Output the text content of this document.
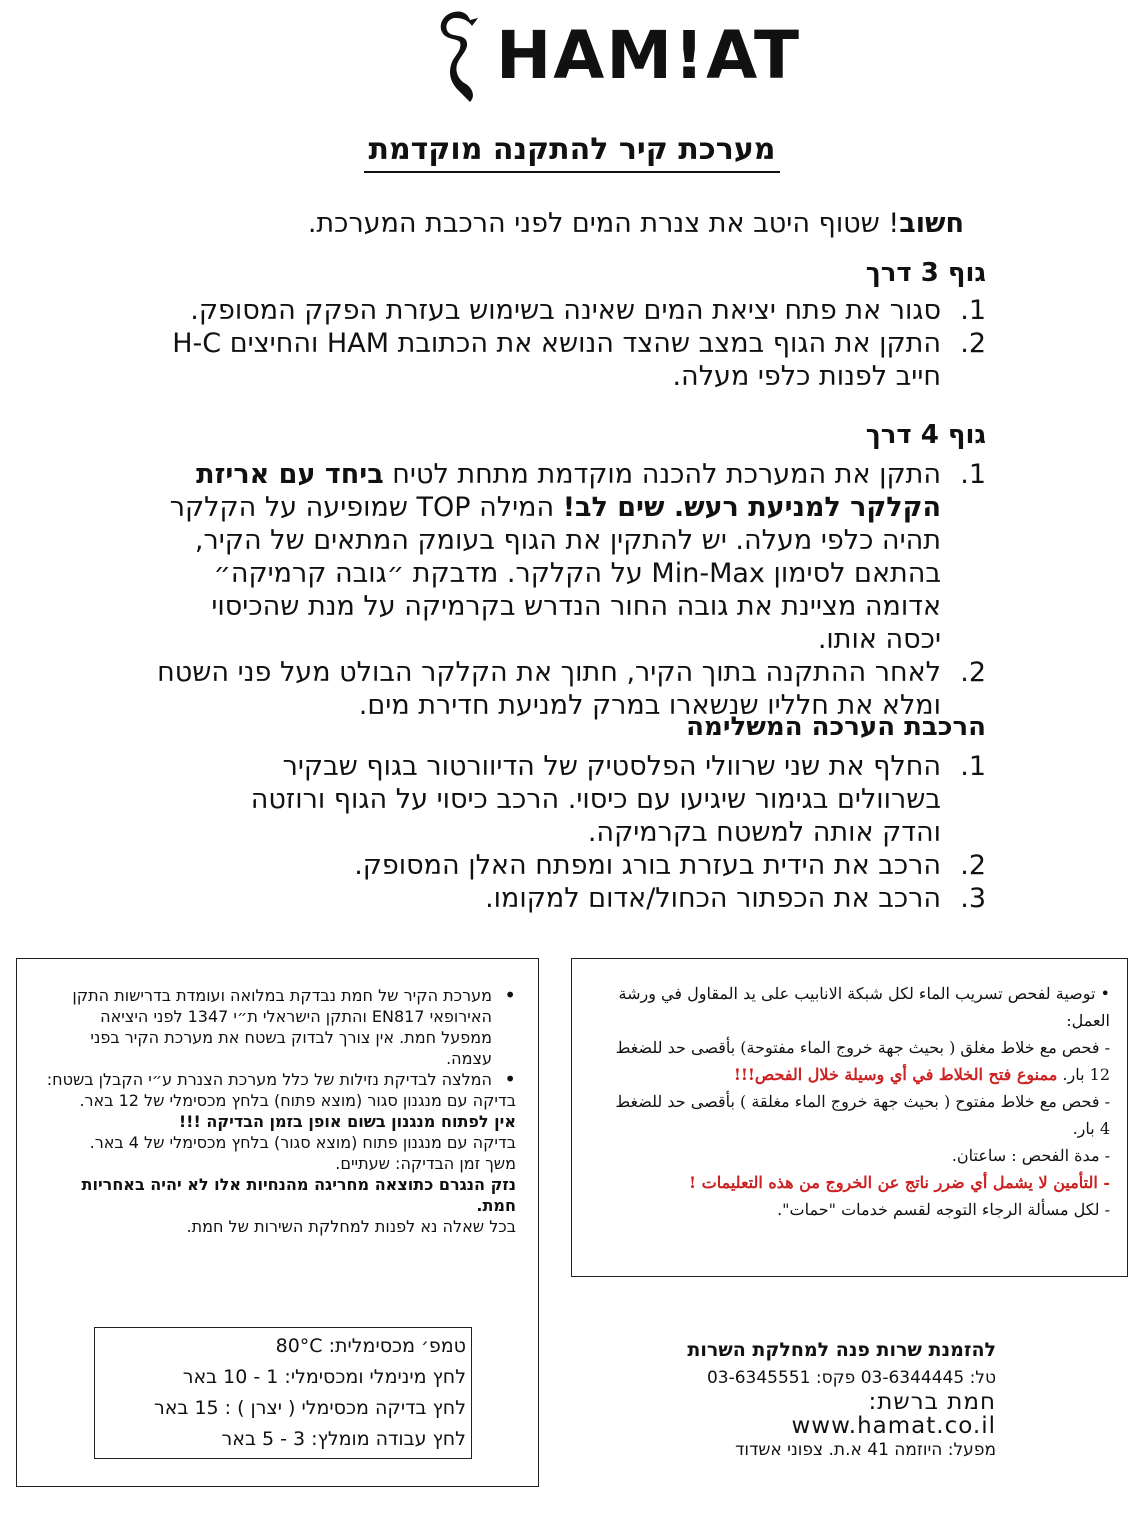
HAM!AT
מערכת קיר להתקנה מוקדמת
חשוב! שטוף היטב את צנרת המים לפני הרכבת המערכת.
גוף 3 דרך
1.
סגור את פתח יציאת המים שאינה בשימוש בעזרת הפקק המסופק.
2.
התקן את הגוף במצב שהצד הנושא את הכתובת HAM והחיצים H-C חייב לפנות כלפי מעלה.
גוף 4 דרך
1.
התקן את המערכת להכנה מוקדמת מתחת לטיח ביחד עם אריזת הקלקר למניעת רעש. שים לב! המילה TOP שמופיעה על הקלקר תהיה כלפי מעלה. יש להתקין את הגוף בעומק המתאים של הקיר, בהתאם לסימון Min-Max על הקלקר. מדבקת ״גובה קרמיקה״ אדומה מציינת את גובה החור הנדרש בקרמיקה על מנת שהכיסוי יכסה אותו.
2.
לאחר ההתקנה בתוך הקיר, חתוך את הקלקר הבולט מעל פני השטח ומלא את חלליו שנשארו במרק למניעת חדירת מים.
הרכבת הערכה המשלימה
1.
החלף את שני שרוולי הפלסטיק של הדיוורטור בגוף שבקיר בשרוולים בגימור שיגיעו עם כיסוי. הרכב כיסוי על הגוף ורוזטה והדק אותה למשטח בקרמיקה.
2.
הרכב את הידית בעזרת בורג ומפתח האלן המסופק.
3.
הרכב את הכפתור הכחול/אדום למקומו.
• מערכת הקיר של חמת נבדקת במלואה ועומדת בדרישות התקן האירופאי EN817 והתקן הישראלי ת״י 1347 לפני היציאה ממפעל חמת. אין צורך לבדוק בשטח את מערכת הקיר בפני עצמה.
• המלצה לבדיקת נזילות של כלל מערכת הצנרת ע״י הקבלן בשטח:

בדיקה עם מנגנון סגור (מוצא פתוח) בלחץ מכסימלי של 12 באר.

אין לפתוח מנגנון בשום אופן בזמן הבדיקה !!!

בדיקה עם מנגנון פתוח (מוצא סגור) בלחץ מכסימלי של 4 באר.

משך זמן הבדיקה: שעתיים.

נזק הנגרם כתוצאה מחריגה מהנחיות אלו לא יהיה באחריות חמת.

בכל שאלה נא לפנות למחלקת השירות של חמת.

טמפ׳ מכסימלית: 80°C

לחץ מינימלי ומכסימלי: 1 - 10 באר

לחץ בדיקה מכסימלי ( יצרן ) : 15 באר

לחץ עבודה מומלץ: 3 - 5 באר

• توصية لفحص تسريب الماء لكل شبكة الانابيب على يد المقاول في ورشة العمل:

- فحص مع خلاط مغلق ( بحيث جهة خروج الماء مفتوحة) بأقصى حد للضغط

12 بار. ممنوع فتح الخلاط في أي وسيلة خلال الفحص!!!

- فحص مع خلاط مفتوح ( بحيث جهة خروج الماء مغلقة ) بأقصى حد للضغط

4 بار.

- مدة الفحص : ساعتان.

- التأمين لا يشمل أي ضرر ناتج عن الخروج من هذه التعليمات !

- لكل مسألة الرجاء التوجه لقسم خدمات "حمات".

להזמנת שרות פנה למחלקת השרות

טל: 03-6344445 פקס: 03-6345551

חמת ברשת: www.hamat.co.il

מפעל: היוזמה 41 א.ת. צפוני אשדוד
